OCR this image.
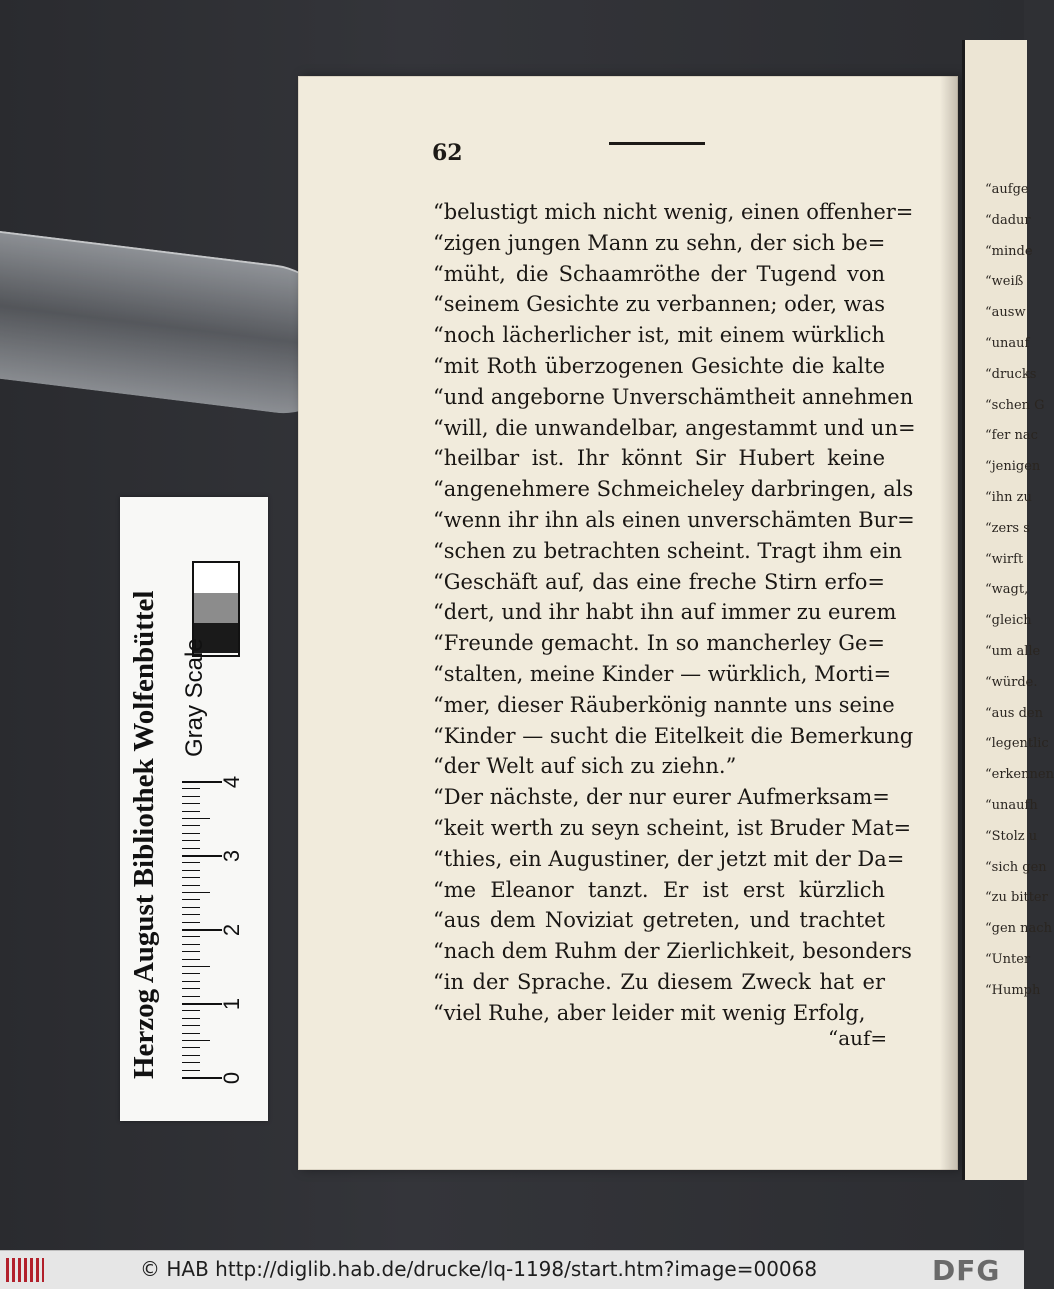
“aufge
“dadur
“minde
“weiß
“ausw
“unauf
“drucks
“schen G
“fer nac
“jenigen
“ihn zu
“zers s
“wirft
“wagt,
“gleich
“um alle
“würde.
“aus den
“legentlic
“erkennen
“unaufh
“Stolz u
“sich gen
“zu bitter
“gen nach
“Unter
“Humph
62
“belustigt mich nicht wenig, einen offenher=
“zigen jungen Mann zu sehn, der sich be=
“müht, die Schaamröthe der Tugend von
“seinem Gesichte zu verbannen; oder, was
“noch lächerlicher ist, mit einem würklich
“mit Roth überzogenen Gesichte die kalte
“und angeborne Unverschämtheit annehmen
“will, die unwandelbar, angestammt und un=
“heilbar ist. Ihr könnt Sir Hubert keine
“angenehmere Schmeicheley darbringen, als
“wenn ihr ihn als einen unverschämten Bur=
“schen zu betrachten scheint. Tragt ihm ein
“Geschäft auf, das eine freche Stirn erfo=
“dert, und ihr habt ihn auf immer zu eurem
“Freunde gemacht. In so mancherley Ge=
“stalten, meine Kinder — würklich, Morti=
“mer, dieser Räuberkönig nannte uns seine
“Kinder — sucht die Eitelkeit die Bemerkung
“der Welt auf sich zu ziehn.”
“Der nächste, der nur eurer Aufmerksam=
“keit werth zu seyn scheint, ist Bruder Mat=
“thies, ein Augustiner, der jetzt mit der Da=
“me Eleanor tanzt. Er ist erst kürzlich
“aus dem Noviziat getreten, und trachtet
“nach dem Ruhm der Zierlichkeit, besonders
“in der Sprache. Zu diesem Zweck hat er
“viel Ruhe, aber leider mit wenig Erfolg,
“auf=
Gray Scale
0
1
2
3
4
Herzog August Bibliothek Wolfenbüttel
© HAB http://diglib.hab.de/drucke/lq-1198/start.htm?image=00068	DFG
